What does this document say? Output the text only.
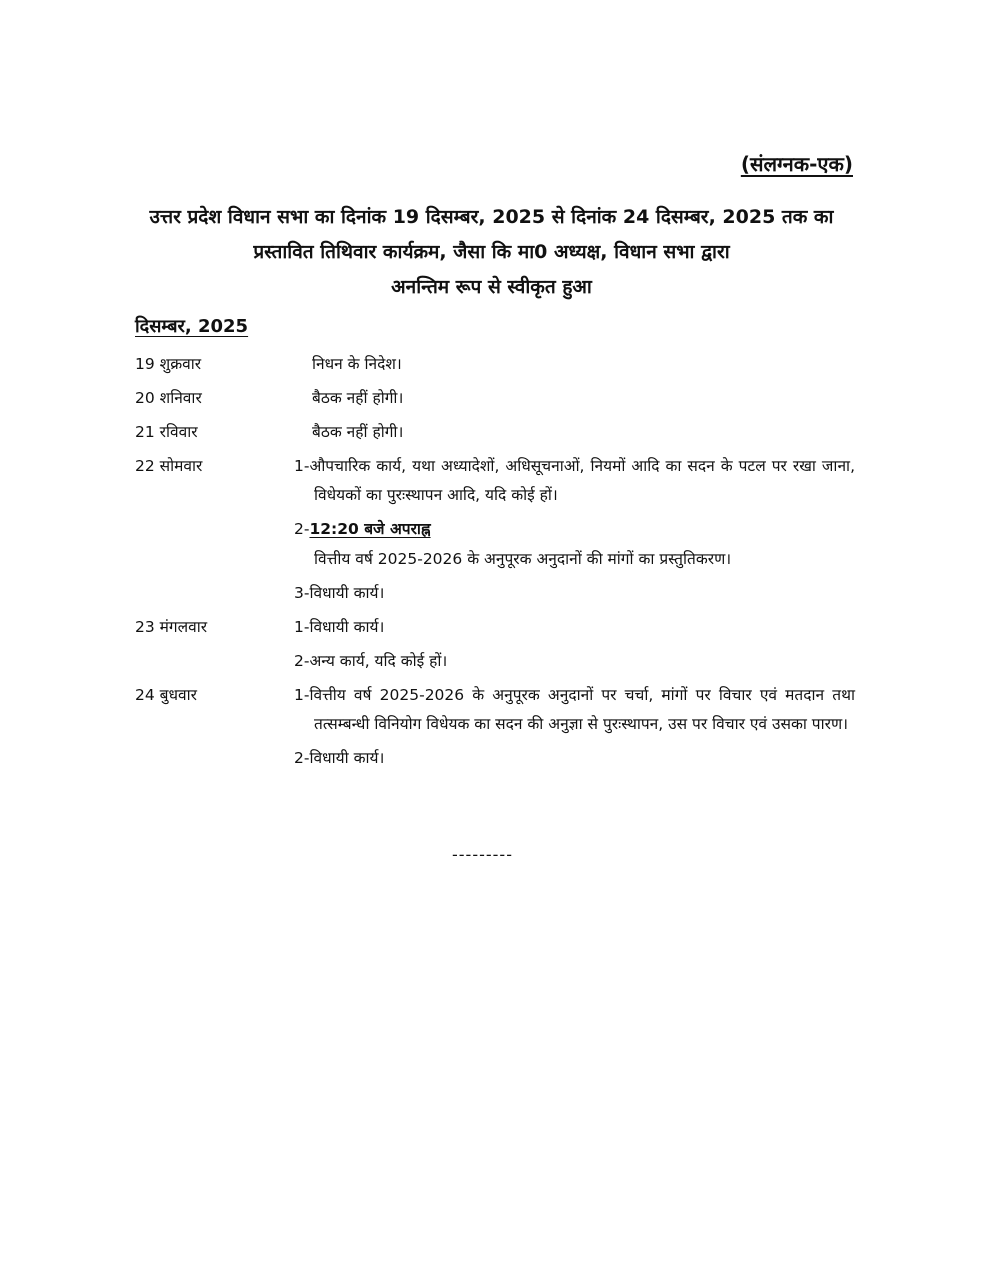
(संलग्नक-एक)
उत्तर प्रदेश विधान सभा का दिनांक 19 दिसम्बर, 2025 से दिनांक 24 दिसम्बर, 2025 तक का
प्रस्तावित तिथिवार कार्यक्रम, जैसा कि मा0 अध्यक्ष, विधान सभा द्वारा
अनन्तिम रूप से स्वीकृत हुआ
दिसम्बर, 2025
19 शुक्रवार	निधन के निदेश।
20 शनिवार	बैठक नहीं होगी।
21 रविवार	बैठक नहीं होगी।
22 सोमवार	1-औपचारिक कार्य, यथा अध्यादेशों, अधिसूचनाओं, नियमों आदि का सदन के पटल पर रखा जाना, विधेयकों का पुरःस्थापन आदि, यदि कोई हों।
2-12:20 बजे अपराह्न
वित्तीय वर्ष 2025-2026 के अनुपूरक अनुदानों की मांगों का प्रस्तुतिकरण।
3-विधायी कार्य।
23 मंगलवार	1-विधायी कार्य।
2-अन्य कार्य, यदि कोई हों।
24 बुधवार	1-वित्तीय वर्ष 2025-2026 के अनुपूरक अनुदानों पर चर्चा, मांगों पर विचार एवं मतदान तथा तत्सम्बन्धी विनियोग विधेयक का सदन की अनुज्ञा से पुरःस्थापन, उस पर विचार एवं उसका पारण।
2-विधायी कार्य।
---------
